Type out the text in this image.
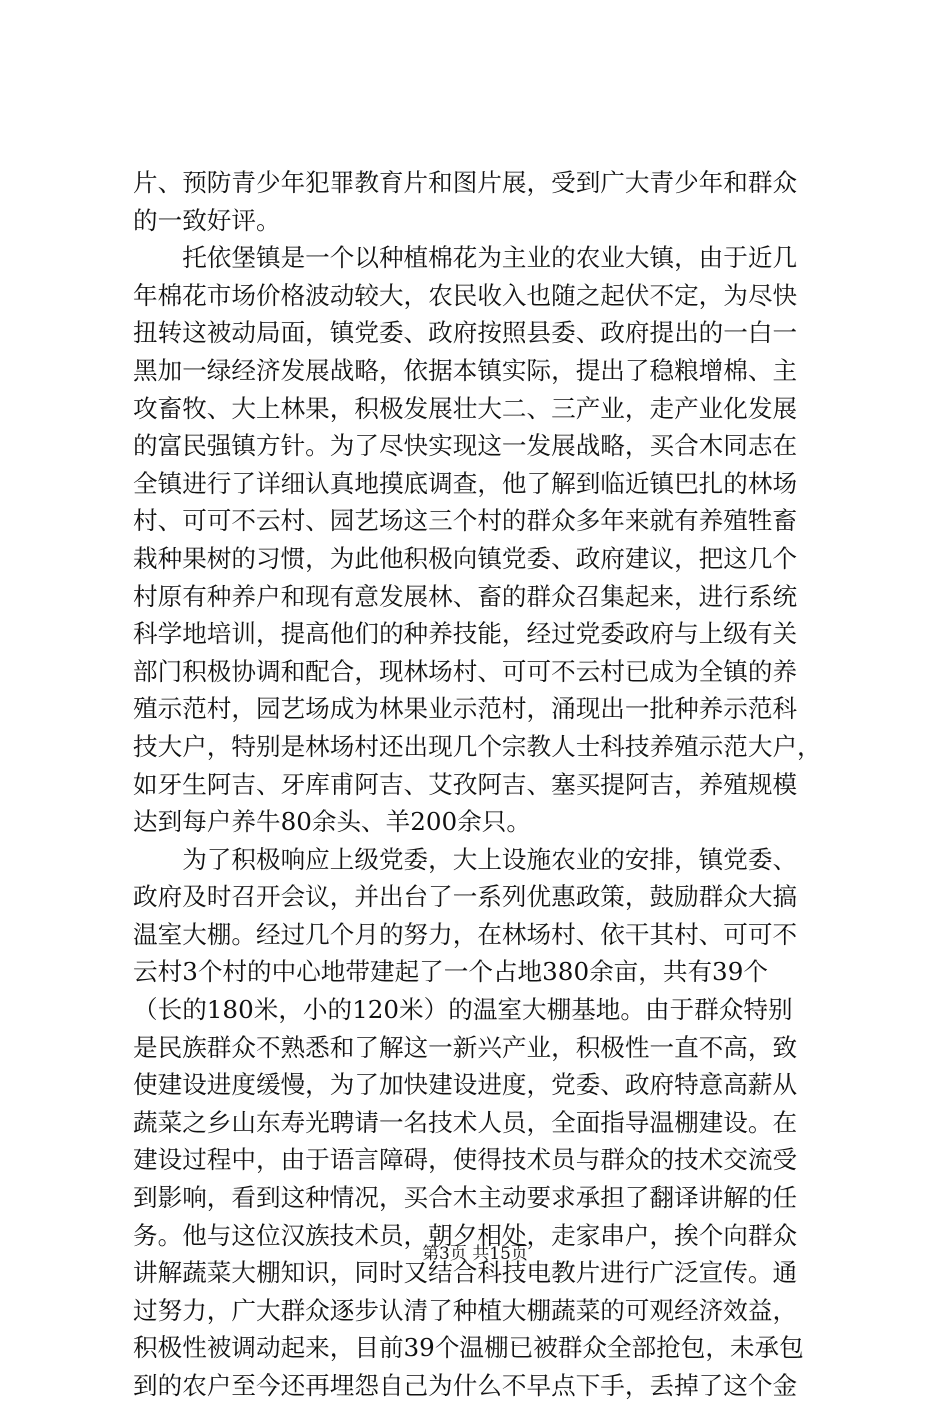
片、预防青少年犯罪教育片和图片展，受到广大青少年和群众
的一致好评。
　　托依堡镇是一个以种植棉花为主业的农业大镇，由于近几
年棉花市场价格波动较大，农民收入也随之起伏不定，为尽快
扭转这被动局面，镇党委、政府按照县委、政府提出的一白一
黑加一绿经济发展战略，依据本镇实际，提出了稳粮增棉、主
攻畜牧、大上林果，积极发展壮大二、三产业，走产业化发展
的富民强镇方针。为了尽快实现这一发展战略，买合木同志在
全镇进行了详细认真地摸底调查，他了解到临近镇巴扎的林场
村、可可不云村、园艺场这三个村的群众多年来就有养殖牲畜
栽种果树的习惯，为此他积极向镇党委、政府建议，把这几个
村原有种养户和现有意发展林、畜的群众召集起来，进行系统
科学地培训，提高他们的种养技能，经过党委政府与上级有关
部门积极协调和配合，现林场村、可可不云村已成为全镇的养
殖示范村，园艺场成为林果业示范村，涌现出一批种养示范科
技大户，特别是林场村还出现几个宗教人士科技养殖示范大户，
如牙生阿吉、牙库甫阿吉、艾孜阿吉、塞买提阿吉，养殖规模
达到每户养牛80余头、羊200余只。
　　为了积极响应上级党委，大上设施农业的安排，镇党委、
政府及时召开会议，并出台了一系列优惠政策，鼓励群众大搞
温室大棚。经过几个月的努力，在林场村、依干其村、可可不
云村3个村的中心地带建起了一个占地380余亩，共有39个
（长的180米，小的120米）的温室大棚基地。由于群众特别
是民族群众不熟悉和了解这一新兴产业，积极性一直不高，致
使建设进度缓慢，为了加快建设进度，党委、政府特意高薪从
蔬菜之乡山东寿光聘请一名技术人员，全面指导温棚建设。在
建设过程中，由于语言障碍，使得技术员与群众的技术交流受
到影响，看到这种情况，买合木主动要求承担了翻译讲解的任
务。他与这位汉族技术员，朝夕相处，走家串户，挨个向群众
讲解蔬菜大棚知识，同时又结合科技电教片进行广泛宣传。通
过努力，广大群众逐步认清了种植大棚蔬菜的可观经济效益，
积极性被调动起来，目前39个温棚已被群众全部抢包，未承包
到的农户至今还再埋怨自己为什么不早点下手，丢掉了这个金
第3页 共15页
